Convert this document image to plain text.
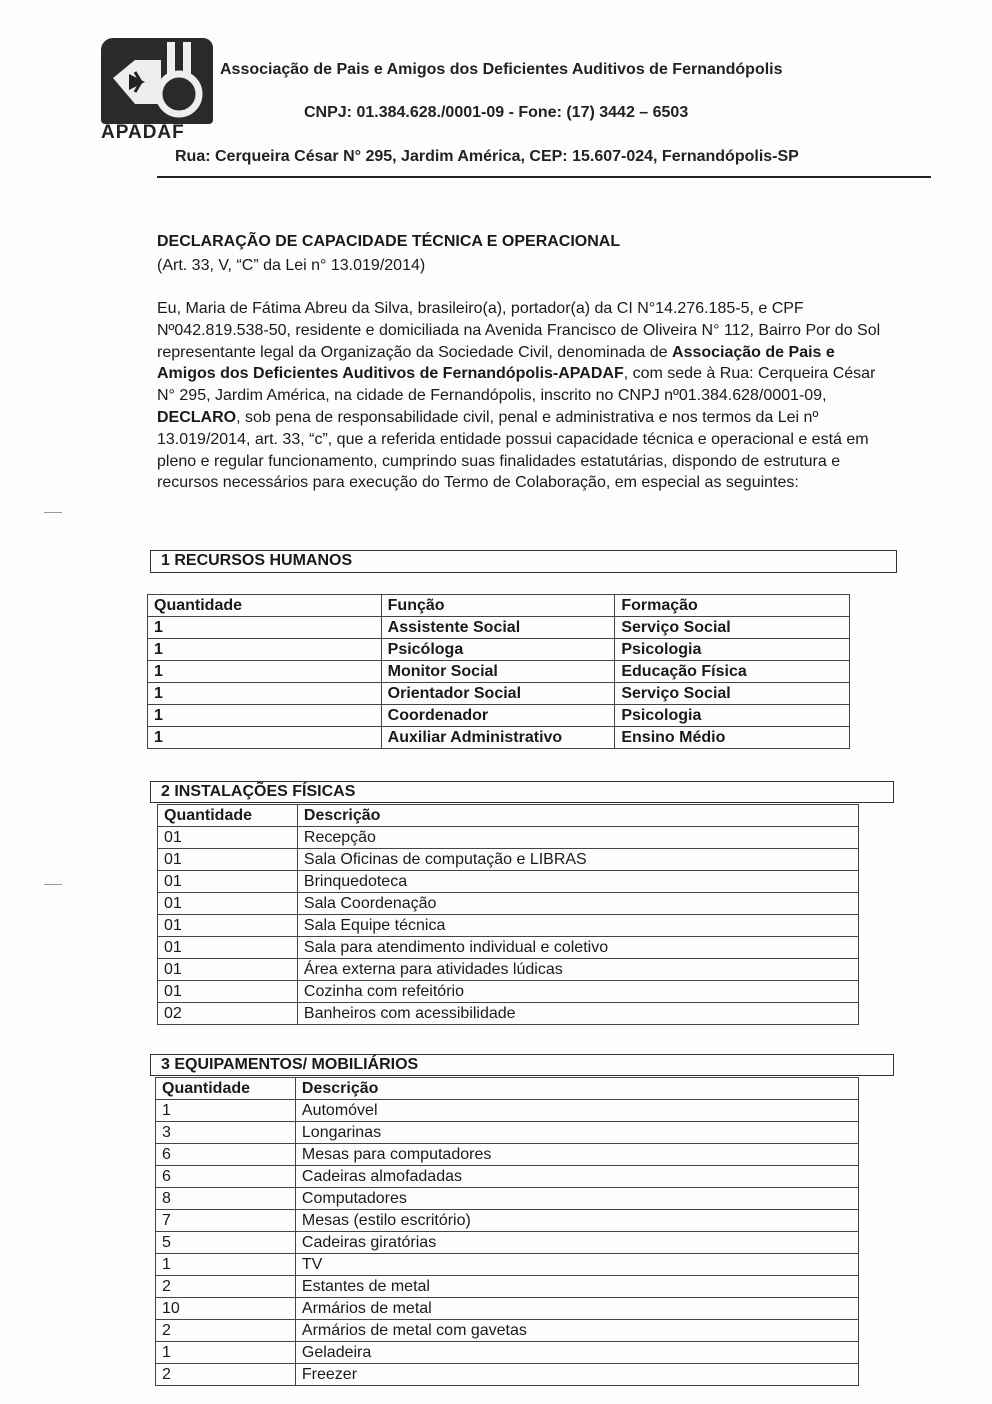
APADAF
Associação de Pais e Amigos dos Deficientes Auditivos de Fernandópolis
CNPJ: 01.384.628./0001-09 - Fone: (17) 3442 – 6503
Rua: Cerqueira César N° 295, Jardim América, CEP: 15.607-024, Fernandópolis-SP
DECLARAÇÃO DE CAPACIDADE TÉCNICA E OPERACIONAL
(Art. 33, V, “C” da Lei n° 13.019/2014)
Eu, Maria de Fátima Abreu da Silva, brasileiro(a), portador(a) da CI N°14.276.185-5, e CPF Nº042.819.538-50, residente e domiciliada na Avenida Francisco de Oliveira N° 112, Bairro Por do Sol representante legal da Organização da Sociedade Civil, denominada de Associação de Pais e Amigos dos Deficientes Auditivos de Fernandópolis-APADAF, com sede à Rua: Cerqueira César N° 295, Jardim América, na cidade de Fernandópolis, inscrito no CNPJ nº01.384.628/0001-09, DECLARO, sob pena de responsabilidade civil, penal e administrativa e nos termos da Lei nº 13.019/2014, art. 33, “c”, que a referida entidade possui capacidade técnica e operacional e está em pleno e regular funcionamento, cumprindo suas finalidades estatutárias, dispondo de estrutura e recursos necessários para execução do Termo de Colaboração, em especial as seguintes:
1 RECURSOS HUMANOS
Quantidade	Função	Formação
1	Assistente Social	Serviço Social
1	Psicóloga	Psicologia
1	Monitor Social	Educação Física
1	Orientador Social	Serviço Social
1	Coordenador	Psicologia
1	Auxiliar Administrativo	Ensino Médio
2 INSTALAÇÕES FÍSICAS
Quantidade	Descrição
01	Recepção
01	Sala Oficinas de computação e LIBRAS
01	Brinquedoteca
01	Sala Coordenação
01	Sala Equipe técnica
01	Sala para atendimento individual e coletivo
01	Área externa para atividades lúdicas
01	Cozinha com refeitório
02	Banheiros com acessibilidade
3 EQUIPAMENTOS/ MOBILIÁRIOS
Quantidade	Descrição
1	Automóvel
3	Longarinas
6	Mesas para computadores
6	Cadeiras almofadadas
8	Computadores
7	Mesas (estilo escritório)
5	Cadeiras giratórias
1	TV
2	Estantes de metal
10	Armários de metal
2	Armários de metal com gavetas
1	Geladeira
2	Freezer
